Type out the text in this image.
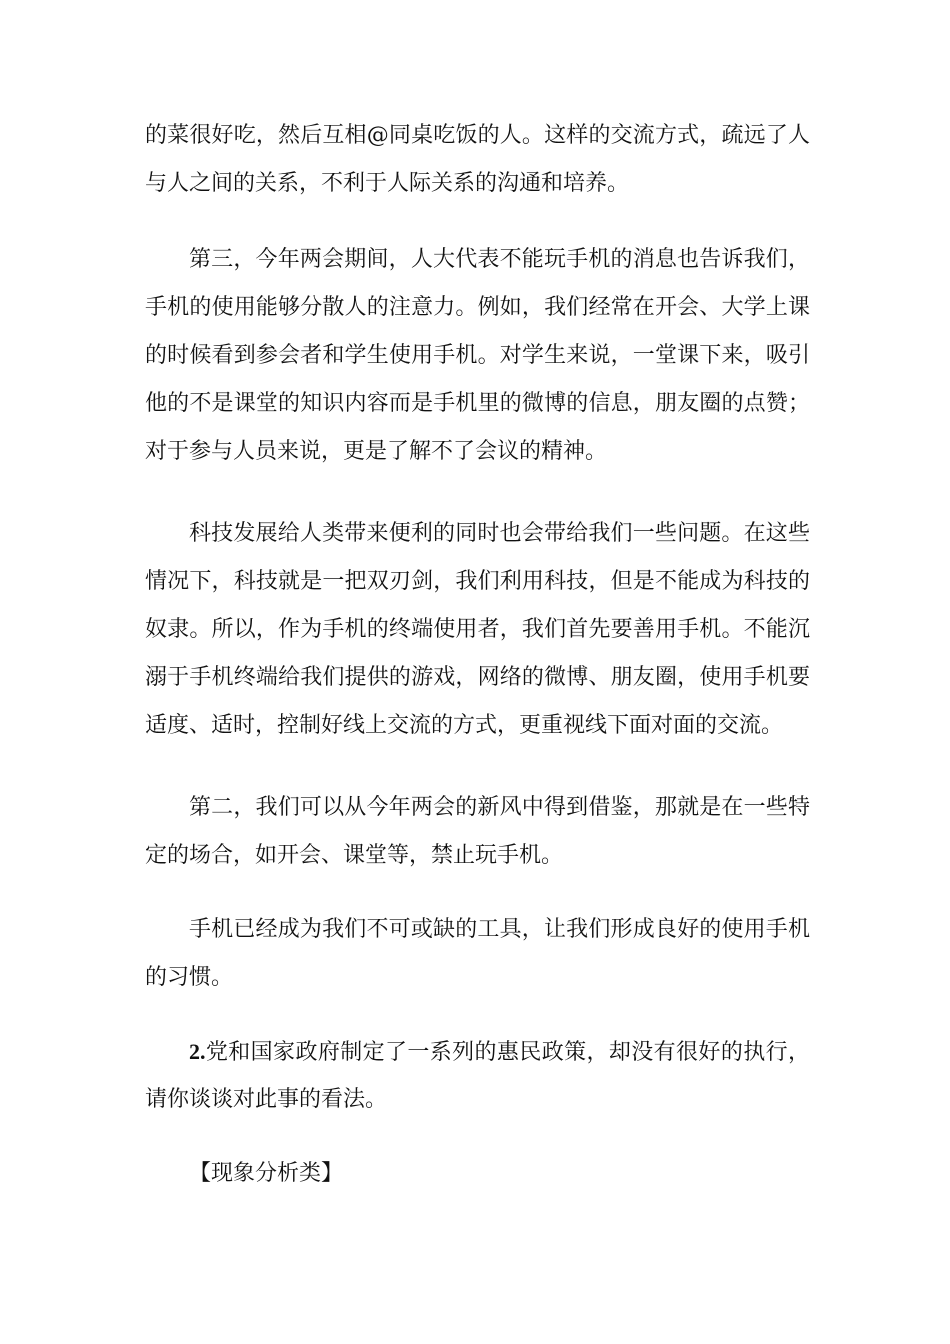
的菜很好吃，然后互相@同桌吃饭的人。这样的交流方式，疏远了人
与人之间的关系，不利于人际关系的沟通和培养。
第三，今年两会期间，人大代表不能玩手机的消息也告诉我们，
手机的使用能够分散人的注意力。例如，我们经常在开会、大学上课
的时候看到参会者和学生使用手机。对学生来说，一堂课下来，吸引
他的不是课堂的知识内容而是手机里的微博的信息，朋友圈的点赞；
对于参与人员来说，更是了解不了会议的精神。
科技发展给人类带来便利的同时也会带给我们一些问题。在这些
情况下，科技就是一把双刃剑，我们利用科技，但是不能成为科技的
奴隶。所以，作为手机的终端使用者，我们首先要善用手机。不能沉
溺于手机终端给我们提供的游戏，网络的微博、朋友圈，使用手机要
适度、适时，控制好线上交流的方式，更重视线下面对面的交流。
第二，我们可以从今年两会的新风中得到借鉴，那就是在一些特
定的场合，如开会、课堂等，禁止玩手机。
手机已经成为我们不可或缺的工具，让我们形成良好的使用手机
的习惯。
2.党和国家政府制定了一系列的惠民政策，却没有很好的执行，
请你谈谈对此事的看法。
【现象分析类】
